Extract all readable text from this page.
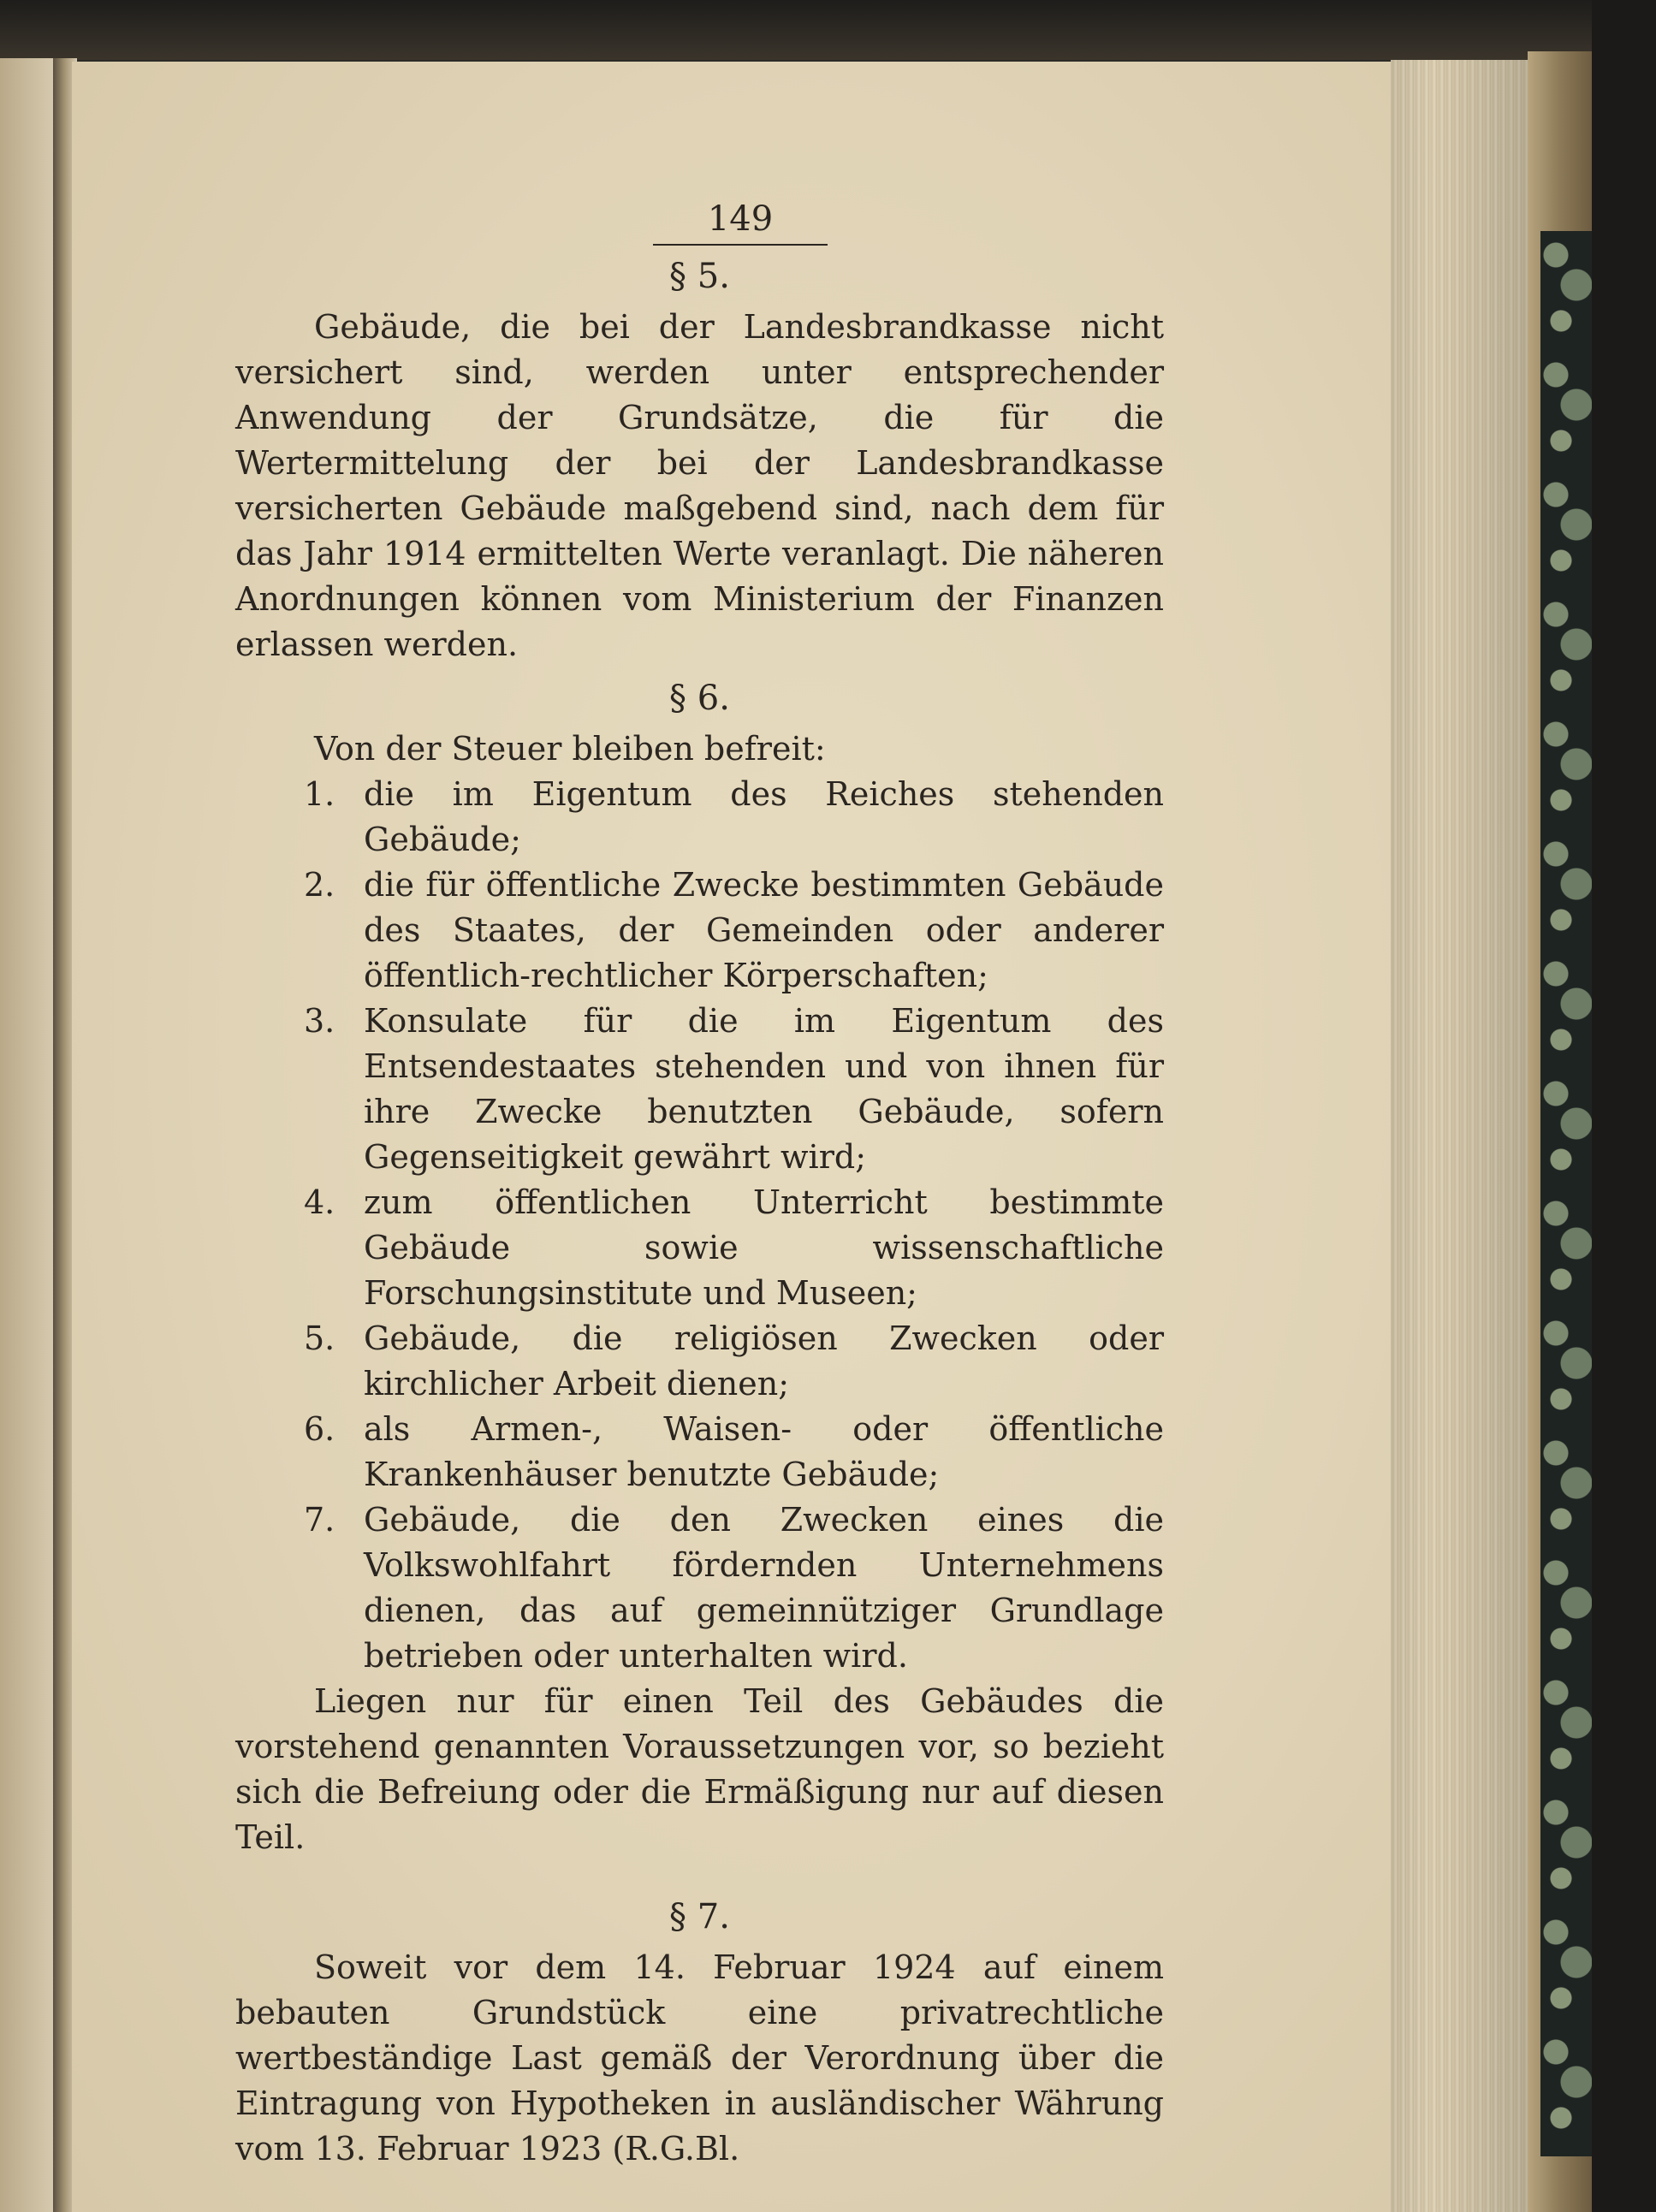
149
§ 5.

Gebäude, die bei der Landesbrandkasse nicht versichert sind, werden unter entsprechender Anwendung der Grundsätze, die für die Wertermittelung der bei der Landesbrandkasse versicherten Gebäude maßgebend sind, nach dem für das Jahr 1914 ermittelten Werte veranlagt. Die näheren Anordnungen können vom Ministerium der Finanzen erlassen werden.

§ 6.

Von der Steuer bleiben befreit:

1. die im Eigentum des Reiches stehenden Gebäude;
2. die für öffentliche Zwecke bestimmten Gebäude des Staates, der Gemeinden oder anderer öffentlich-rechtlicher Körperschaften;
3. Konsulate für die im Eigentum des Entsendestaates stehenden und von ihnen für ihre Zwecke benutzten Gebäude, sofern Gegenseitigkeit gewährt wird;
4. zum öffentlichen Unterricht bestimmte Gebäude sowie wissenschaftliche Forschungsinstitute und Museen;
5. Gebäude, die religiösen Zwecken oder kirchlicher Arbeit dienen;
6. als Armen-, Waisen- oder öffentliche Krankenhäuser benutzte Gebäude;
7. Gebäude, die den Zwecken eines die Volkswohlfahrt fördernden Unternehmens dienen, das auf gemeinnütziger Grundlage betrieben oder unterhalten wird.

Liegen nur für einen Teil des Gebäudes die vorstehend genannten Voraussetzungen vor, so bezieht sich die Befreiung oder die Ermäßigung nur auf diesen Teil.

§ 7.

Soweit vor dem 14. Februar 1924 auf einem bebauten Grundstück eine privatrechtliche wertbeständige Last gemäß der Verordnung über die Eintragung von Hypotheken in ausländischer Währung vom 13. Februar 1923 (R.G.Bl.
